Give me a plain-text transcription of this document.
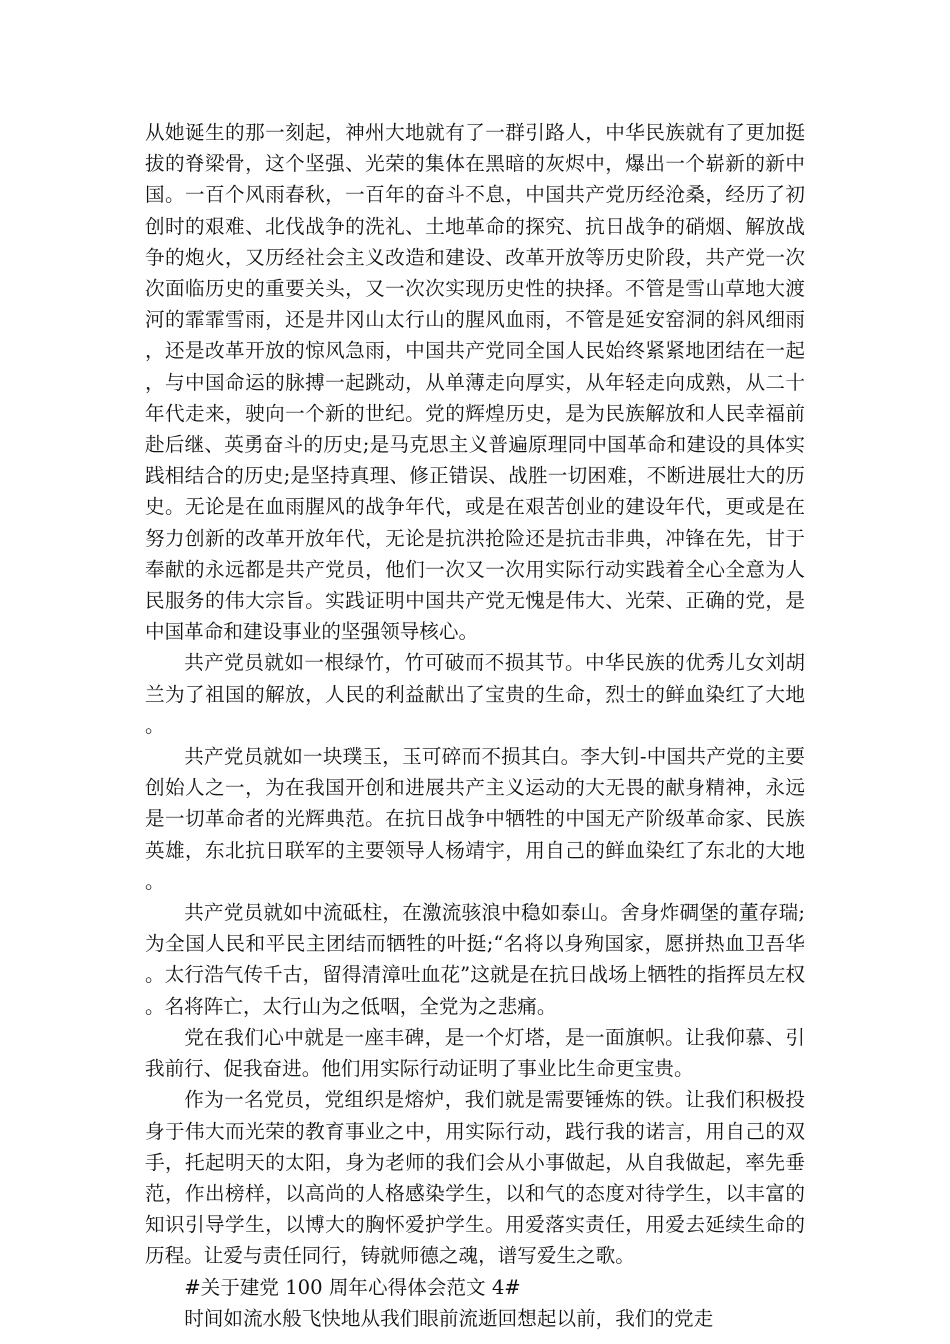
从她诞生的那一刻起，神州大地就有了一群引路人，中华民族就有了更加挺拔的脊梁骨，这个坚强、光荣的集体在黑暗的灰烬中，爆出一个崭新的新中国。一百个风雨春秋，一百年的奋斗不息，中国共产党历经沧桑，经历了初创时的艰难、北伐战争的洗礼、土地革命的探究、抗日战争的硝烟、解放战争的炮火，又历经社会主义改造和建设、改革开放等历史阶段，共产党一次次面临历史的重要关头，又一次次实现历史性的抉择。不管是雪山草地大渡河的霏霏雪雨，还是井冈山太行山的腥风血雨，不管是延安窑洞的斜风细雨，还是改革开放的惊风急雨，中国共产党同全国人民始终紧紧地团结在一起，与中国命运的脉搏一起跳动，从单薄走向厚实，从年轻走向成熟，从二十年代走来，驶向一个新的世纪。党的辉煌历史，是为民族解放和人民幸福前赴后继、英勇奋斗的历史;是马克思主义普遍原理同中国革命和建设的具体实践相结合的历史;是坚持真理、修正错误、战胜一切困难，不断进展壮大的历史。无论是在血雨腥风的战争年代，或是在艰苦创业的建设年代，更或是在努力创新的改革开放年代，无论是抗洪抢险还是抗击非典，冲锋在先，甘于奉献的永远都是共产党员，他们一次又一次用实际行动实践着全心全意为人民服务的伟大宗旨。实践证明中国共产党无愧是伟大、光荣、正确的党，是中国革命和建设事业的坚强领导核心。

共产党员就如一根绿竹，竹可破而不损其节。中华民族的优秀儿女刘胡兰为了祖国的解放，人民的利益献出了宝贵的生命，烈士的鲜血染红了大地。

共产党员就如一块璞玉，玉可碎而不损其白。李大钊-中国共产党的主要创始人之一，为在我国开创和进展共产主义运动的大无畏的献身精神，永远是一切革命者的光辉典范。在抗日战争中牺牲的中国无产阶级革命家、民族英雄，东北抗日联军的主要领导人杨靖宇，用自己的鲜血染红了东北的大地。

共产党员就如中流砥柱，在激流骇浪中稳如泰山。舍身炸碉堡的董存瑞;为全国人民和平民主团结而牺牲的叶挺;“名将以身殉国家，愿拼热血卫吾华。太行浩气传千古，留得清漳吐血花”这就是在抗日战场上牺牲的指挥员左权。名将阵亡，太行山为之低咽，全党为之悲痛。

党在我们心中就是一座丰碑，是一个灯塔，是一面旗帜。让我仰慕、引我前行、促我奋进。他们用实际行动证明了事业比生命更宝贵。

作为一名党员，党组织是熔炉，我们就是需要锤炼的铁。让我们积极投身于伟大而光荣的教育事业之中，用实际行动，践行我的诺言，用自己的双手，托起明天的太阳，身为老师的我们会从小事做起，从自我做起，率先垂范，作出榜样，以高尚的人格感染学生，以和气的态度对待学生，以丰富的知识引导学生，以博大的胸怀爱护学生。用爱落实责任，用爱去延续生命的历程。让爱与责任同行，铸就师德之魂，谱写爱生之歌。

#关于建党 100 周年心得体会范文 4#

时间如流水般飞快地从我们眼前流逝回想起以前，我们的党走
